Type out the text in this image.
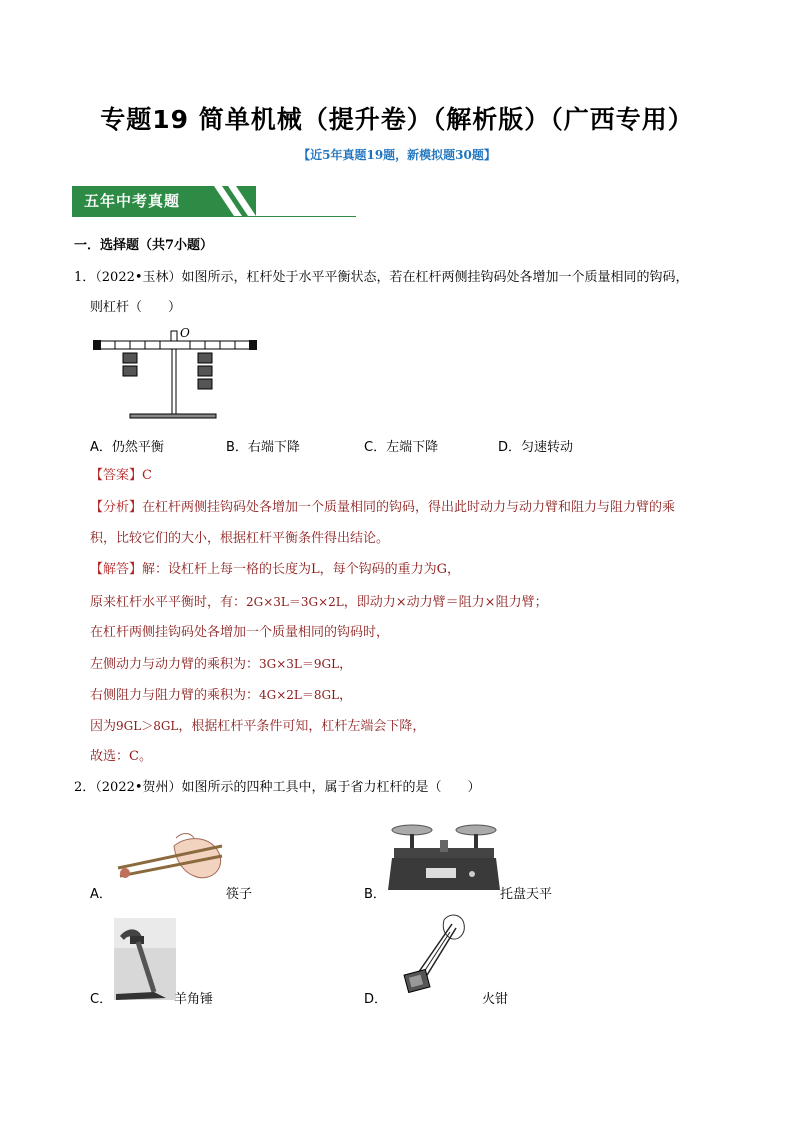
专题19 简单机械（提升卷）（解析版）（广西专用）
【近5年真题19题，新模拟题30题】
五年中考真题
一．选择题（共7小题）
1．（2022•玉林）如图所示，杠杆处于水平平衡状态，若在杠杆两侧挂钩码处各增加一个质量相同的钩码，
则杠杆（　　）
O
A．仍然平衡	B．右端下降	C．左端下降	D．匀速转动
【答案】C
【分析】在杠杆两侧挂钩码处各增加一个质量相同的钩码，得出此时动力与动力臂和阻力与阻力臂的乘
积，比较它们的大小，根据杠杆平衡条件得出结论。
【解答】解：设杠杆上每一格的长度为L，每个钩码的重力为G，
原来杠杆水平平衡时，有：2G×3L＝3G×2L，即动力×动力臂＝阻力×阻力臂；
在杠杆两侧挂钩码处各增加一个质量相同的钩码时，
左侧动力与动力臂的乘积为：3G×3L＝9GL，
右侧阻力与阻力臂的乘积为：4G×2L＝8GL，
因为9GL＞8GL，根据杠杆平条件可知，杠杆左端会下降，
故选：C。
2．（2022•贺州）如图所示的四种工具中，属于省力杠杆的是（　　）
A．	筷子	B．	托盘天平
C．	羊角锤	D．	火钳
